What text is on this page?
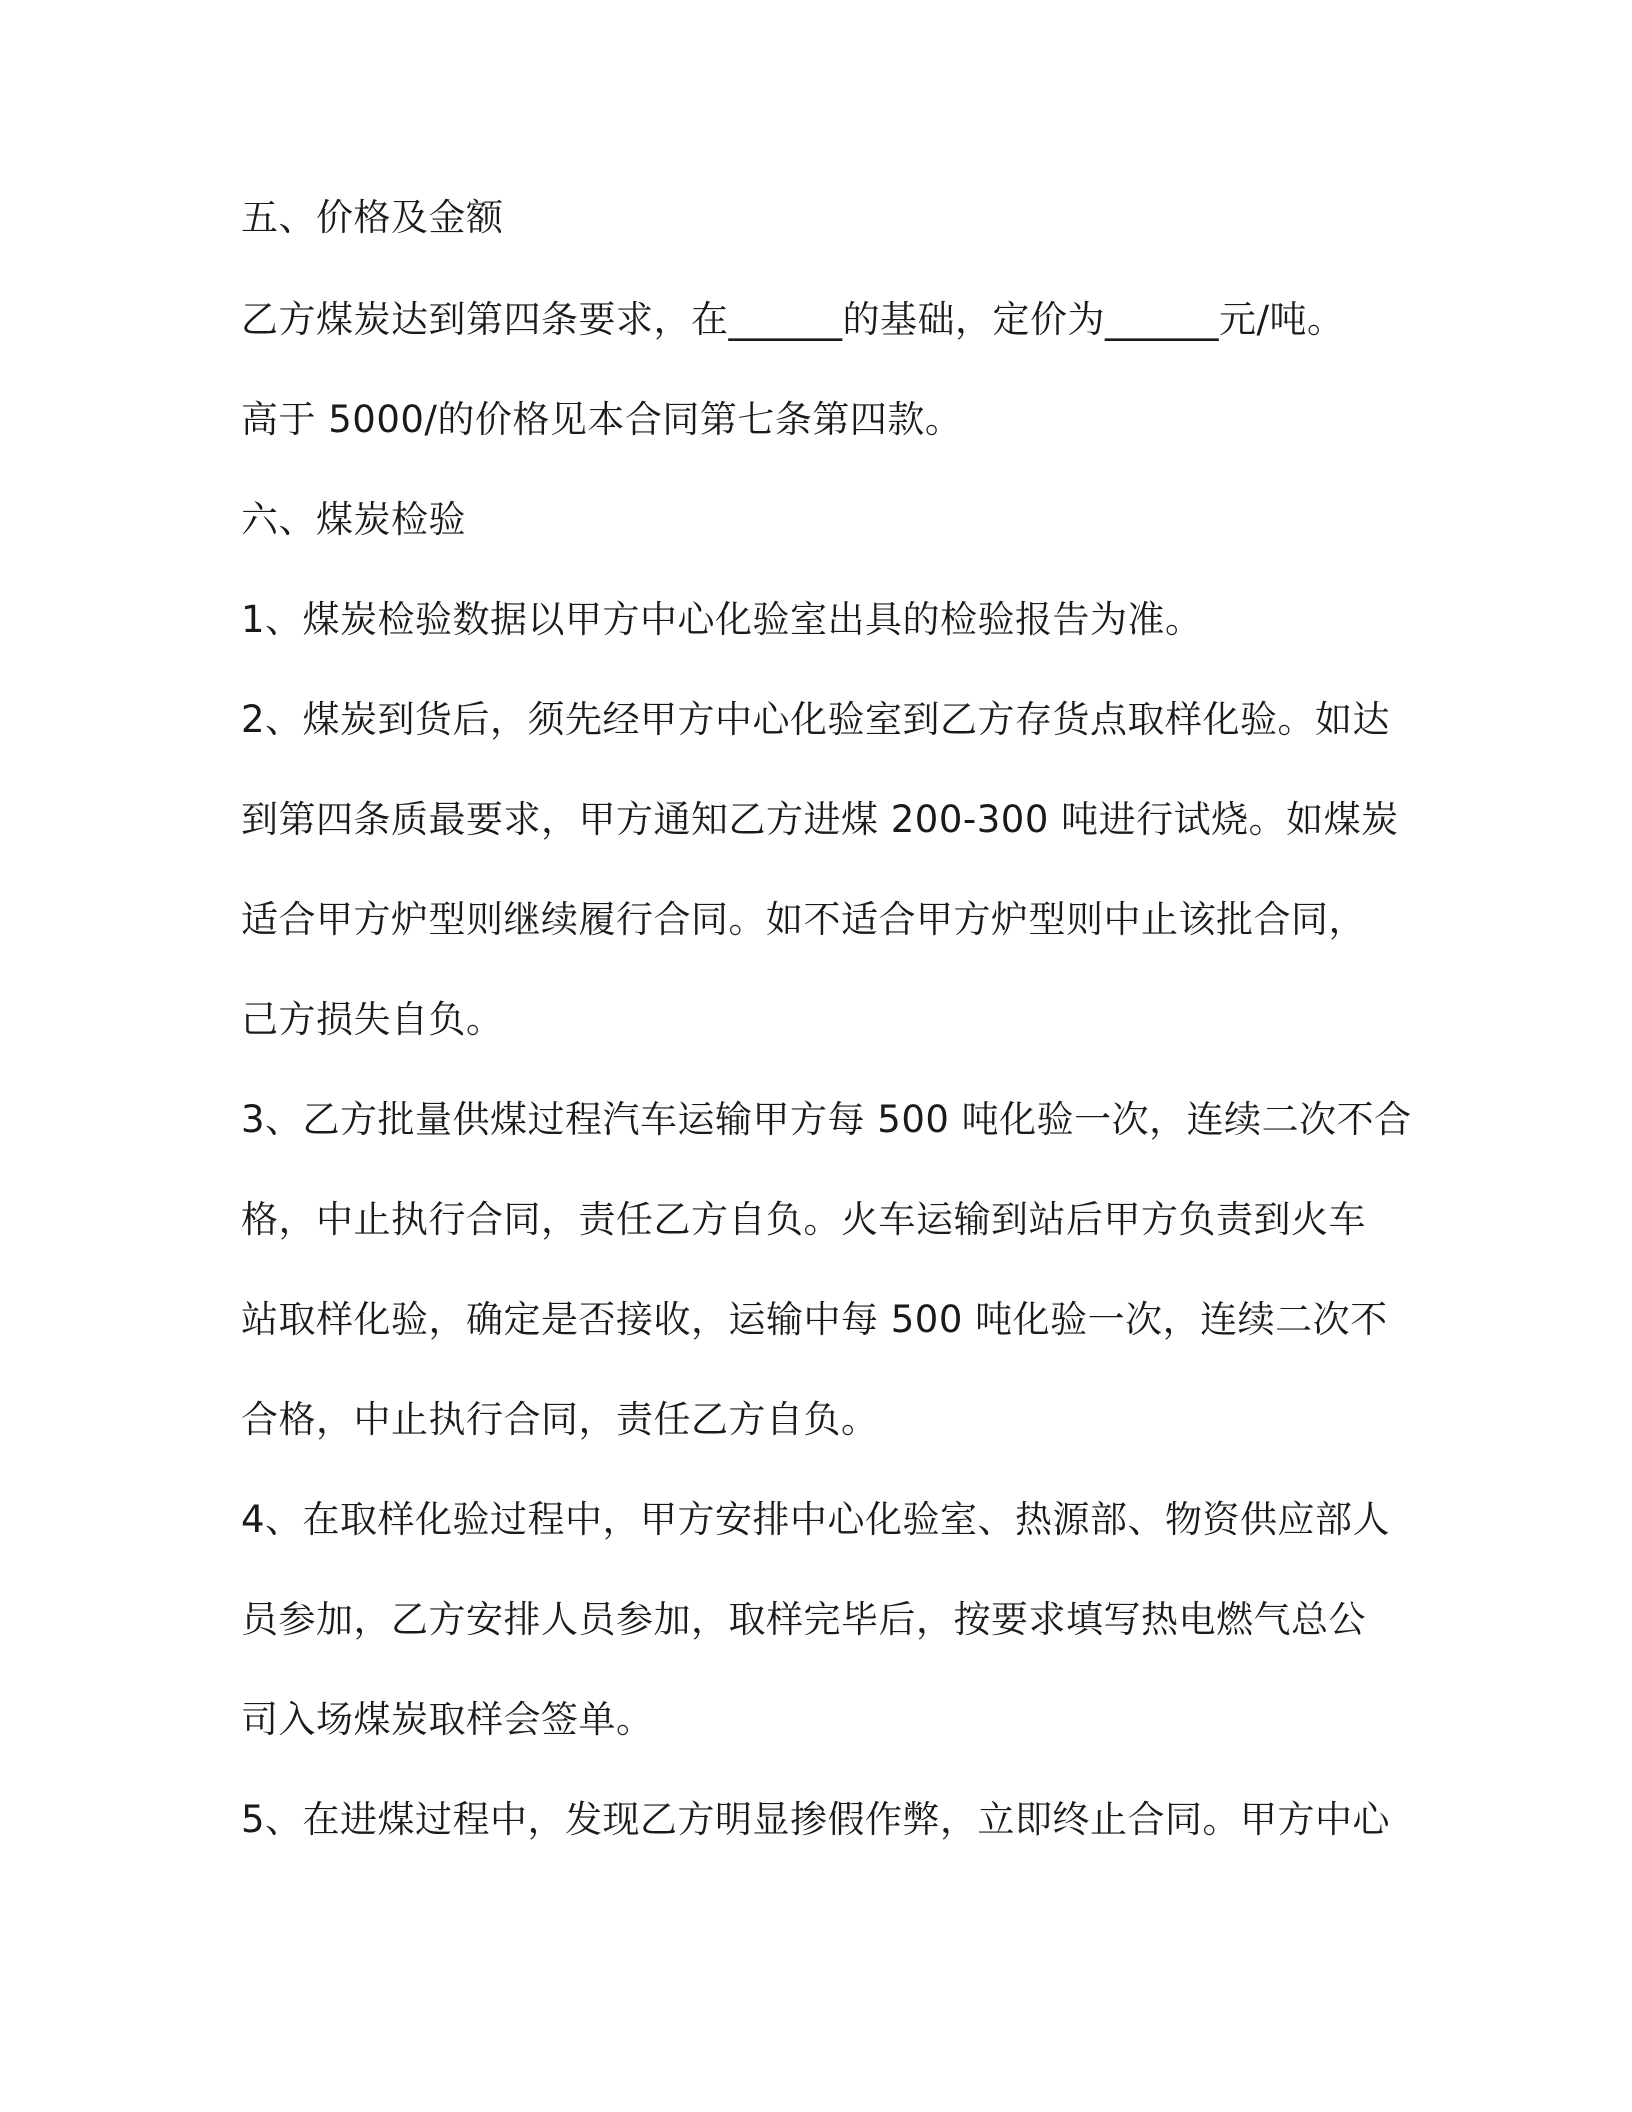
五、价格及金额

乙方煤炭达到第四条要求，在______的基础，定价为______元/吨。

高于 5000/的价格见本合同第七条第四款。

六、煤炭检验

1、煤炭检验数据以甲方中心化验室出具的检验报告为准。

2、煤炭到货后，须先经甲方中心化验室到乙方存货点取样化验。如达

到第四条质最要求，甲方通知乙方进煤 200-300 吨进行试烧。如煤炭

适合甲方炉型则继续履行合同。如不适合甲方炉型则中止该批合同，

己方损失自负。

3、乙方批量供煤过程汽车运输甲方每 500 吨化验一次，连续二次不合

格，中止执行合同，责任乙方自负。火车运输到站后甲方负责到火车

站取样化验，确定是否接收，运输中每 500 吨化验一次，连续二次不

合格，中止执行合同，责任乙方自负。

4、在取样化验过程中，甲方安排中心化验室、热源部、物资供应部人

员参加，乙方安排人员参加，取样完毕后，按要求填写热电燃气总公

司入场煤炭取样会签单。

5、在进煤过程中，发现乙方明显掺假作弊，立即终止合同。甲方中心
